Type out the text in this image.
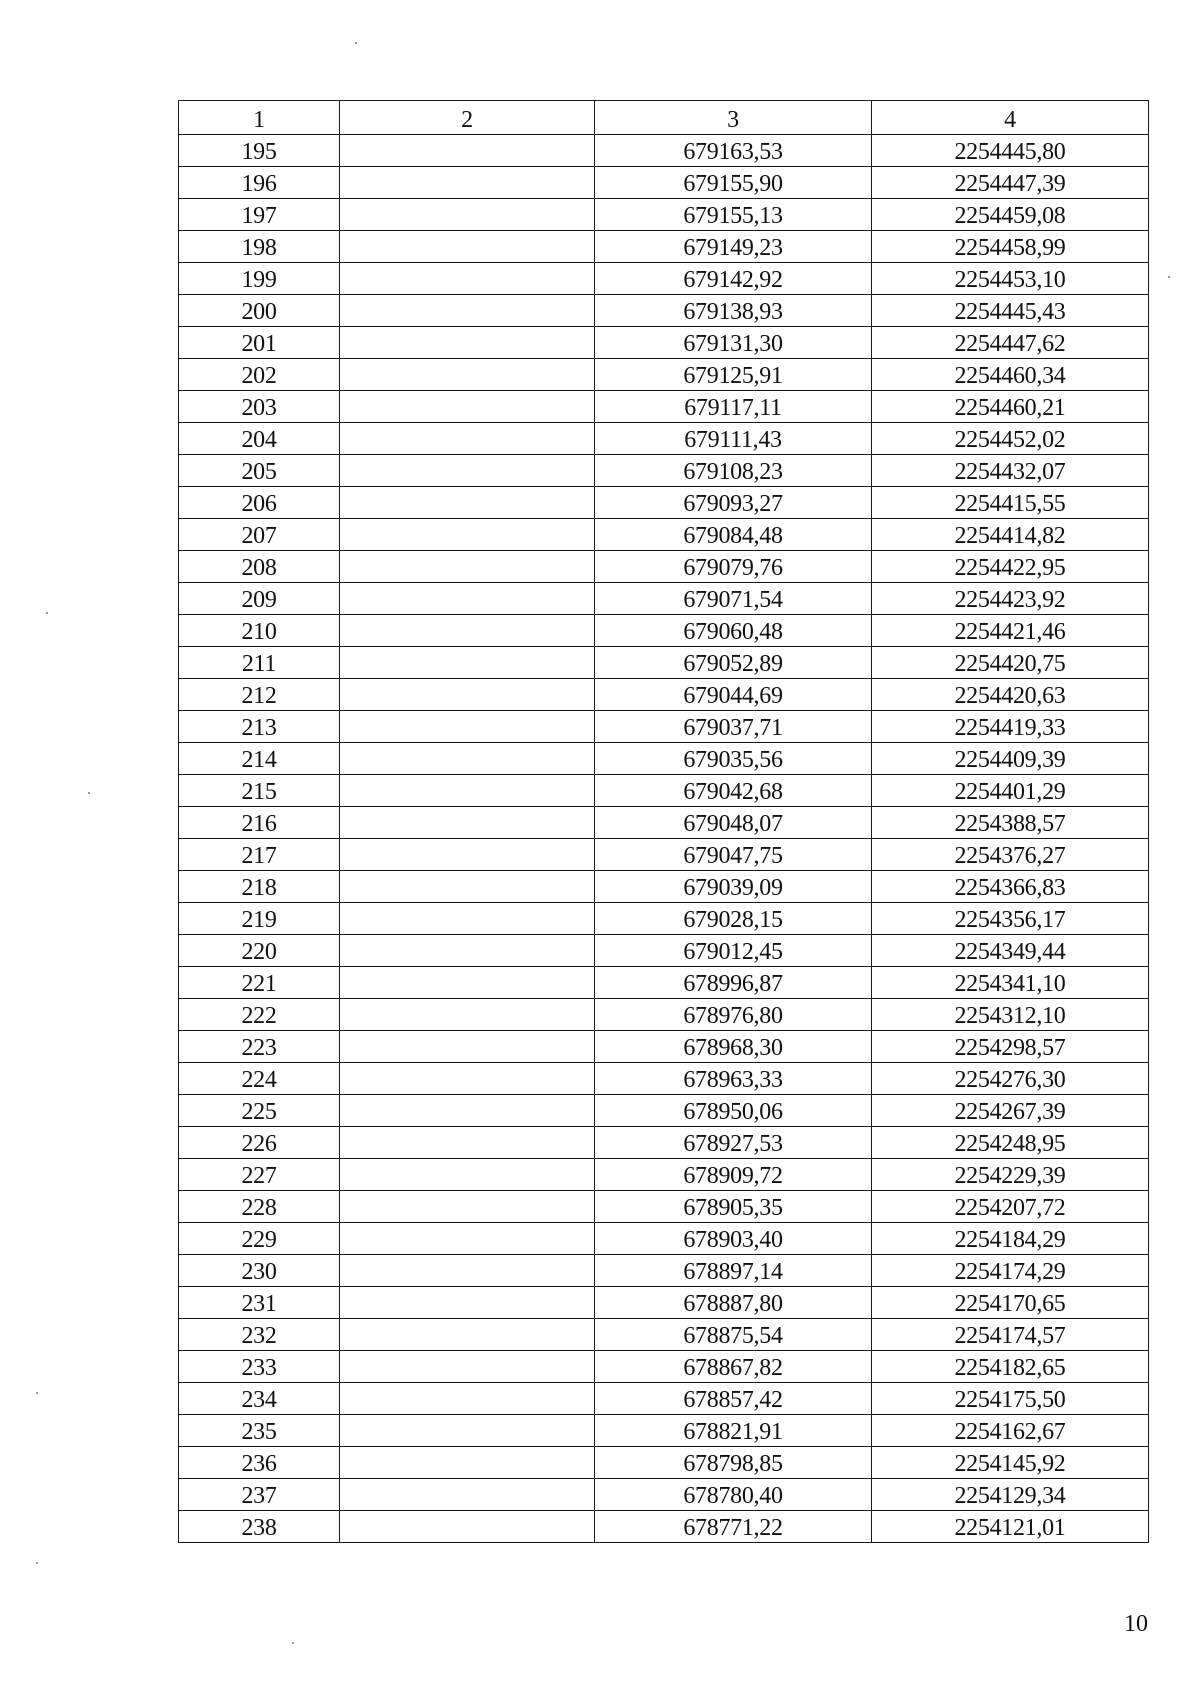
1	2	3	4
195		679163,53	2254445,80
196		679155,90	2254447,39
197		679155,13	2254459,08
198		679149,23	2254458,99
199		679142,92	2254453,10
200		679138,93	2254445,43
201		679131,30	2254447,62
202		679125,91	2254460,34
203		679117,11	2254460,21
204		679111,43	2254452,02
205		679108,23	2254432,07
206		679093,27	2254415,55
207		679084,48	2254414,82
208		679079,76	2254422,95
209		679071,54	2254423,92
210		679060,48	2254421,46
211		679052,89	2254420,75
212		679044,69	2254420,63
213		679037,71	2254419,33
214		679035,56	2254409,39
215		679042,68	2254401,29
216		679048,07	2254388,57
217		679047,75	2254376,27
218		679039,09	2254366,83
219		679028,15	2254356,17
220		679012,45	2254349,44
221		678996,87	2254341,10
222		678976,80	2254312,10
223		678968,30	2254298,57
224		678963,33	2254276,30
225		678950,06	2254267,39
226		678927,53	2254248,95
227		678909,72	2254229,39
228		678905,35	2254207,72
229		678903,40	2254184,29
230		678897,14	2254174,29
231		678887,80	2254170,65
232		678875,54	2254174,57
233		678867,82	2254182,65
234		678857,42	2254175,50
235		678821,91	2254162,67
236		678798,85	2254145,92
237		678780,40	2254129,34
238		678771,22	2254121,01
10
